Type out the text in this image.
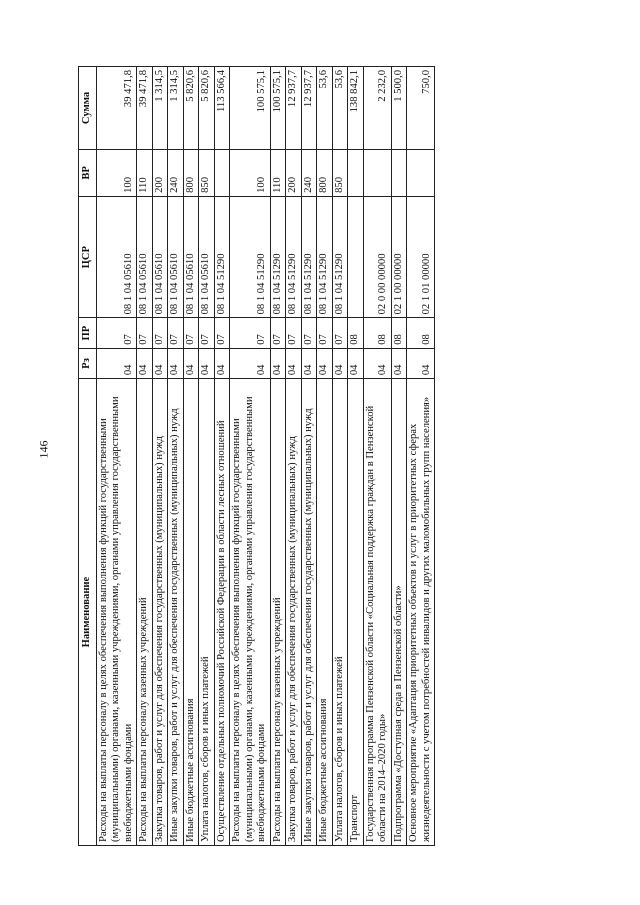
146
Наименование	Рз	ПР	ЦСР	ВР	Сумма
Расходы на выплаты персоналу в целях обеспечения выполнения функций государственными (муниципальными) органами, казенными учреждениями, органами управления государственными внебюджетными фондами	04	07	08 1 04 05610	100	39 471,8
Расходы на выплаты персоналу казенных учреждений	04	07	08 1 04 05610	110	39 471,8
Закупка товаров, работ и услуг для обеспечения государственных (муниципальных) нужд	04	07	08 1 04 05610	200	1 314,5
Иные закупки товаров, работ и услуг для обеспечения государственных (муниципальных) нужд	04	07	08 1 04 05610	240	1 314,5
Иные бюджетные ассигнования	04	07	08 1 04 05610	800	5 820,6
Уплата налогов, сборов и иных платежей	04	07	08 1 04 05610	850	5 820,6
Осуществление отдельных полномочий Российской Федерации в области лесных отношений	04	07	08 1 04 51290		113 566,4
Расходы на выплаты персоналу в целях обеспечения выполнения функций государственными (муниципальными) органами, казенными учреждениями, органами управления государственными внебюджетными фондами	04	07	08 1 04 51290	100	100 575,1
Расходы на выплаты персоналу казенных учреждений	04	07	08 1 04 51290	110	100 575,1
Закупка товаров, работ и услуг для обеспечения государственных (муниципальных) нужд	04	07	08 1 04 51290	200	12 937,7
Иные закупки товаров, работ и услуг для обеспечения государственных (муниципальных) нужд	04	07	08 1 04 51290	240	12 937,7
Иные бюджетные ассигнования	04	07	08 1 04 51290	800	53,6
Уплата налогов, сборов и иных платежей	04	07	08 1 04 51290	850	53,6
Транспорт	04	08			138 842,1
Государственная программа Пензенской области «Социальная поддержка граждан в Пензенской области на 2014–2020 годы»	04	08	02 0 00 00000		2 232,0
Подпрограмма «Доступная среда в Пензенской области»	04	08	02 1 00 00000		1 500,0
Основное мероприятие «Адаптация приоритетных объектов и услуг в приоритетных сферах жизнедеятельности с учетом потребностей инвалидов и других маломобильных групп населения»	04	08	02 1 01 00000		750,0
